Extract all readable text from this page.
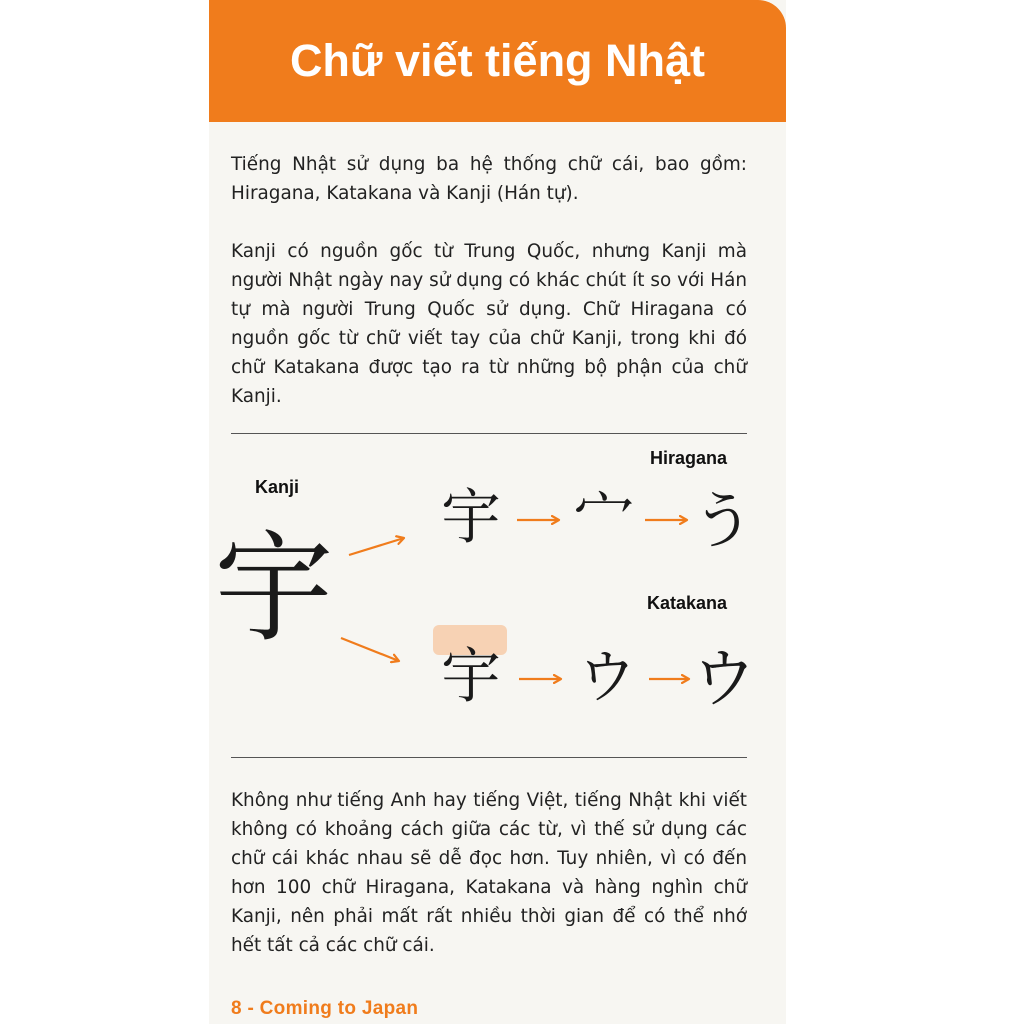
Chữ viết tiếng Nhật

Tiếng Nhật sử dụng ba hệ thống chữ cái, bao gồm: Hiragana, Katakana và Kanji (Hán tự).

Kanji có nguồn gốc từ Trung Quốc, nhưng Kanji mà người Nhật ngày nay sử dụng có khác chút ít so với Hán tự mà người Trung Quốc sử dụng. Chữ Hiragana có nguồn gốc từ chữ viết tay của chữ Kanji, trong khi đó chữ Katakana được tạo ra từ những bộ phận của chữ Kanji.

Kanji
Hiragana
Katakana
宇
宇 宀 う
宇 ウ ウ

Không như tiếng Anh hay tiếng Việt, tiếng Nhật khi viết không có khoảng cách giữa các từ, vì thế sử dụng các chữ cái khác nhau sẽ dễ đọc hơn. Tuy nhiên, vì có đến hơn 100 chữ Hiragana, Katakana và hàng nghìn chữ Kanji, nên phải mất rất nhiều thời gian để có thể nhớ hết tất cả các chữ cái.

8 - Coming to Japan
